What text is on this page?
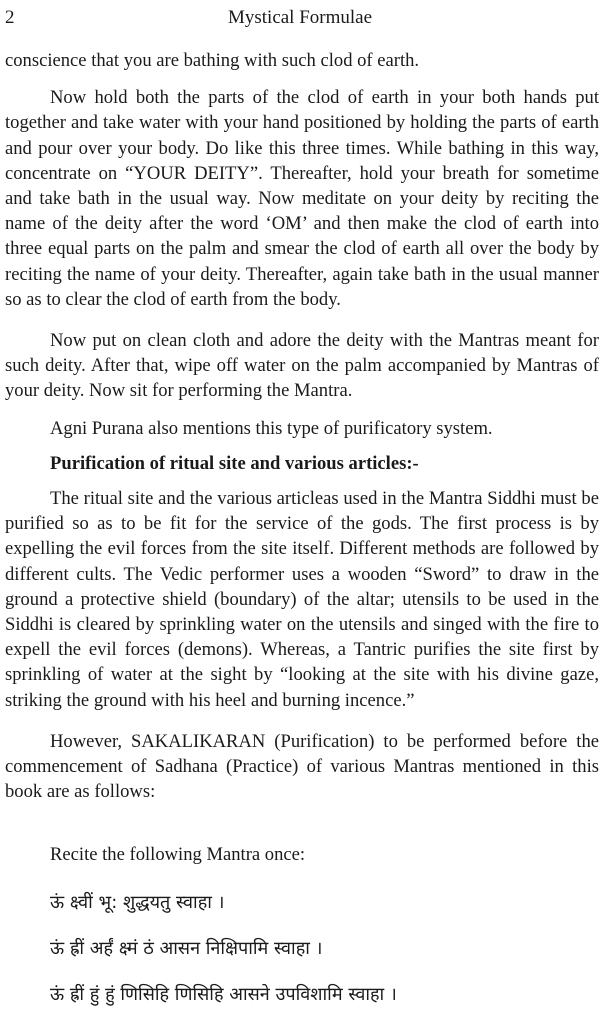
2	Mystical Formulae

conscience that you are bathing with such clod of earth.

Now hold both the parts of the clod of earth in your both hands put together and take water with your hand positioned by holding the parts of earth and pour over your body. Do like this three times. While bathing in this way, concentrate on “YOUR DEITY”. Thereafter, hold your breath for sometime and take bath in the usual way. Now meditate on your deity by reciting the name of the deity after the word ‘OM’ and then make the clod of earth into three equal parts on the palm and smear the clod of earth all over the body by reciting the name of your deity. Thereafter, again take bath in the usual manner so as to clear the clod of earth from the body.

Now put on clean cloth and adore the deity with the Mantras meant for such deity. After that, wipe off water on the palm accompanied by Mantras of your deity. Now sit for performing the Mantra.

Agni Purana also mentions this type of purificatory system.

Purification of ritual site and various articles:-

The ritual site and the various articleas used in the Mantra Siddhi must be purified so as to be fit for the service of the gods. The first process is by expelling the evil forces from the site itself. Different methods are followed by different cults. The Vedic performer uses a wooden “Sword” to draw in the ground a protective shield (boundary) of the altar; utensils to be used in the Siddhi is cleared by sprinkling water on the utensils and singed with the fire to expell the evil forces (demons). Whereas, a Tantric purifies the site first by sprinkling of water at the sight by “looking at the site with his divine gaze, striking the ground with his heel and burning incence.”

However, SAKALIKARAN (Purification) to be performed before the commencement of Sadhana (Practice) of various Mantras mentioned in this book are as follows:

Recite the following Mantra once:

ऊं क्ष्वीं भू: शुद्धयतु स्वाहा ।

ऊं ह्रीं अर्हं क्ष्मं ठं आसन निक्षिपामि स्वाहा ।

ऊं ह्रीं हुं हुं णिसिहि णिसिहि आसने उपविशामि स्वाहा ।
